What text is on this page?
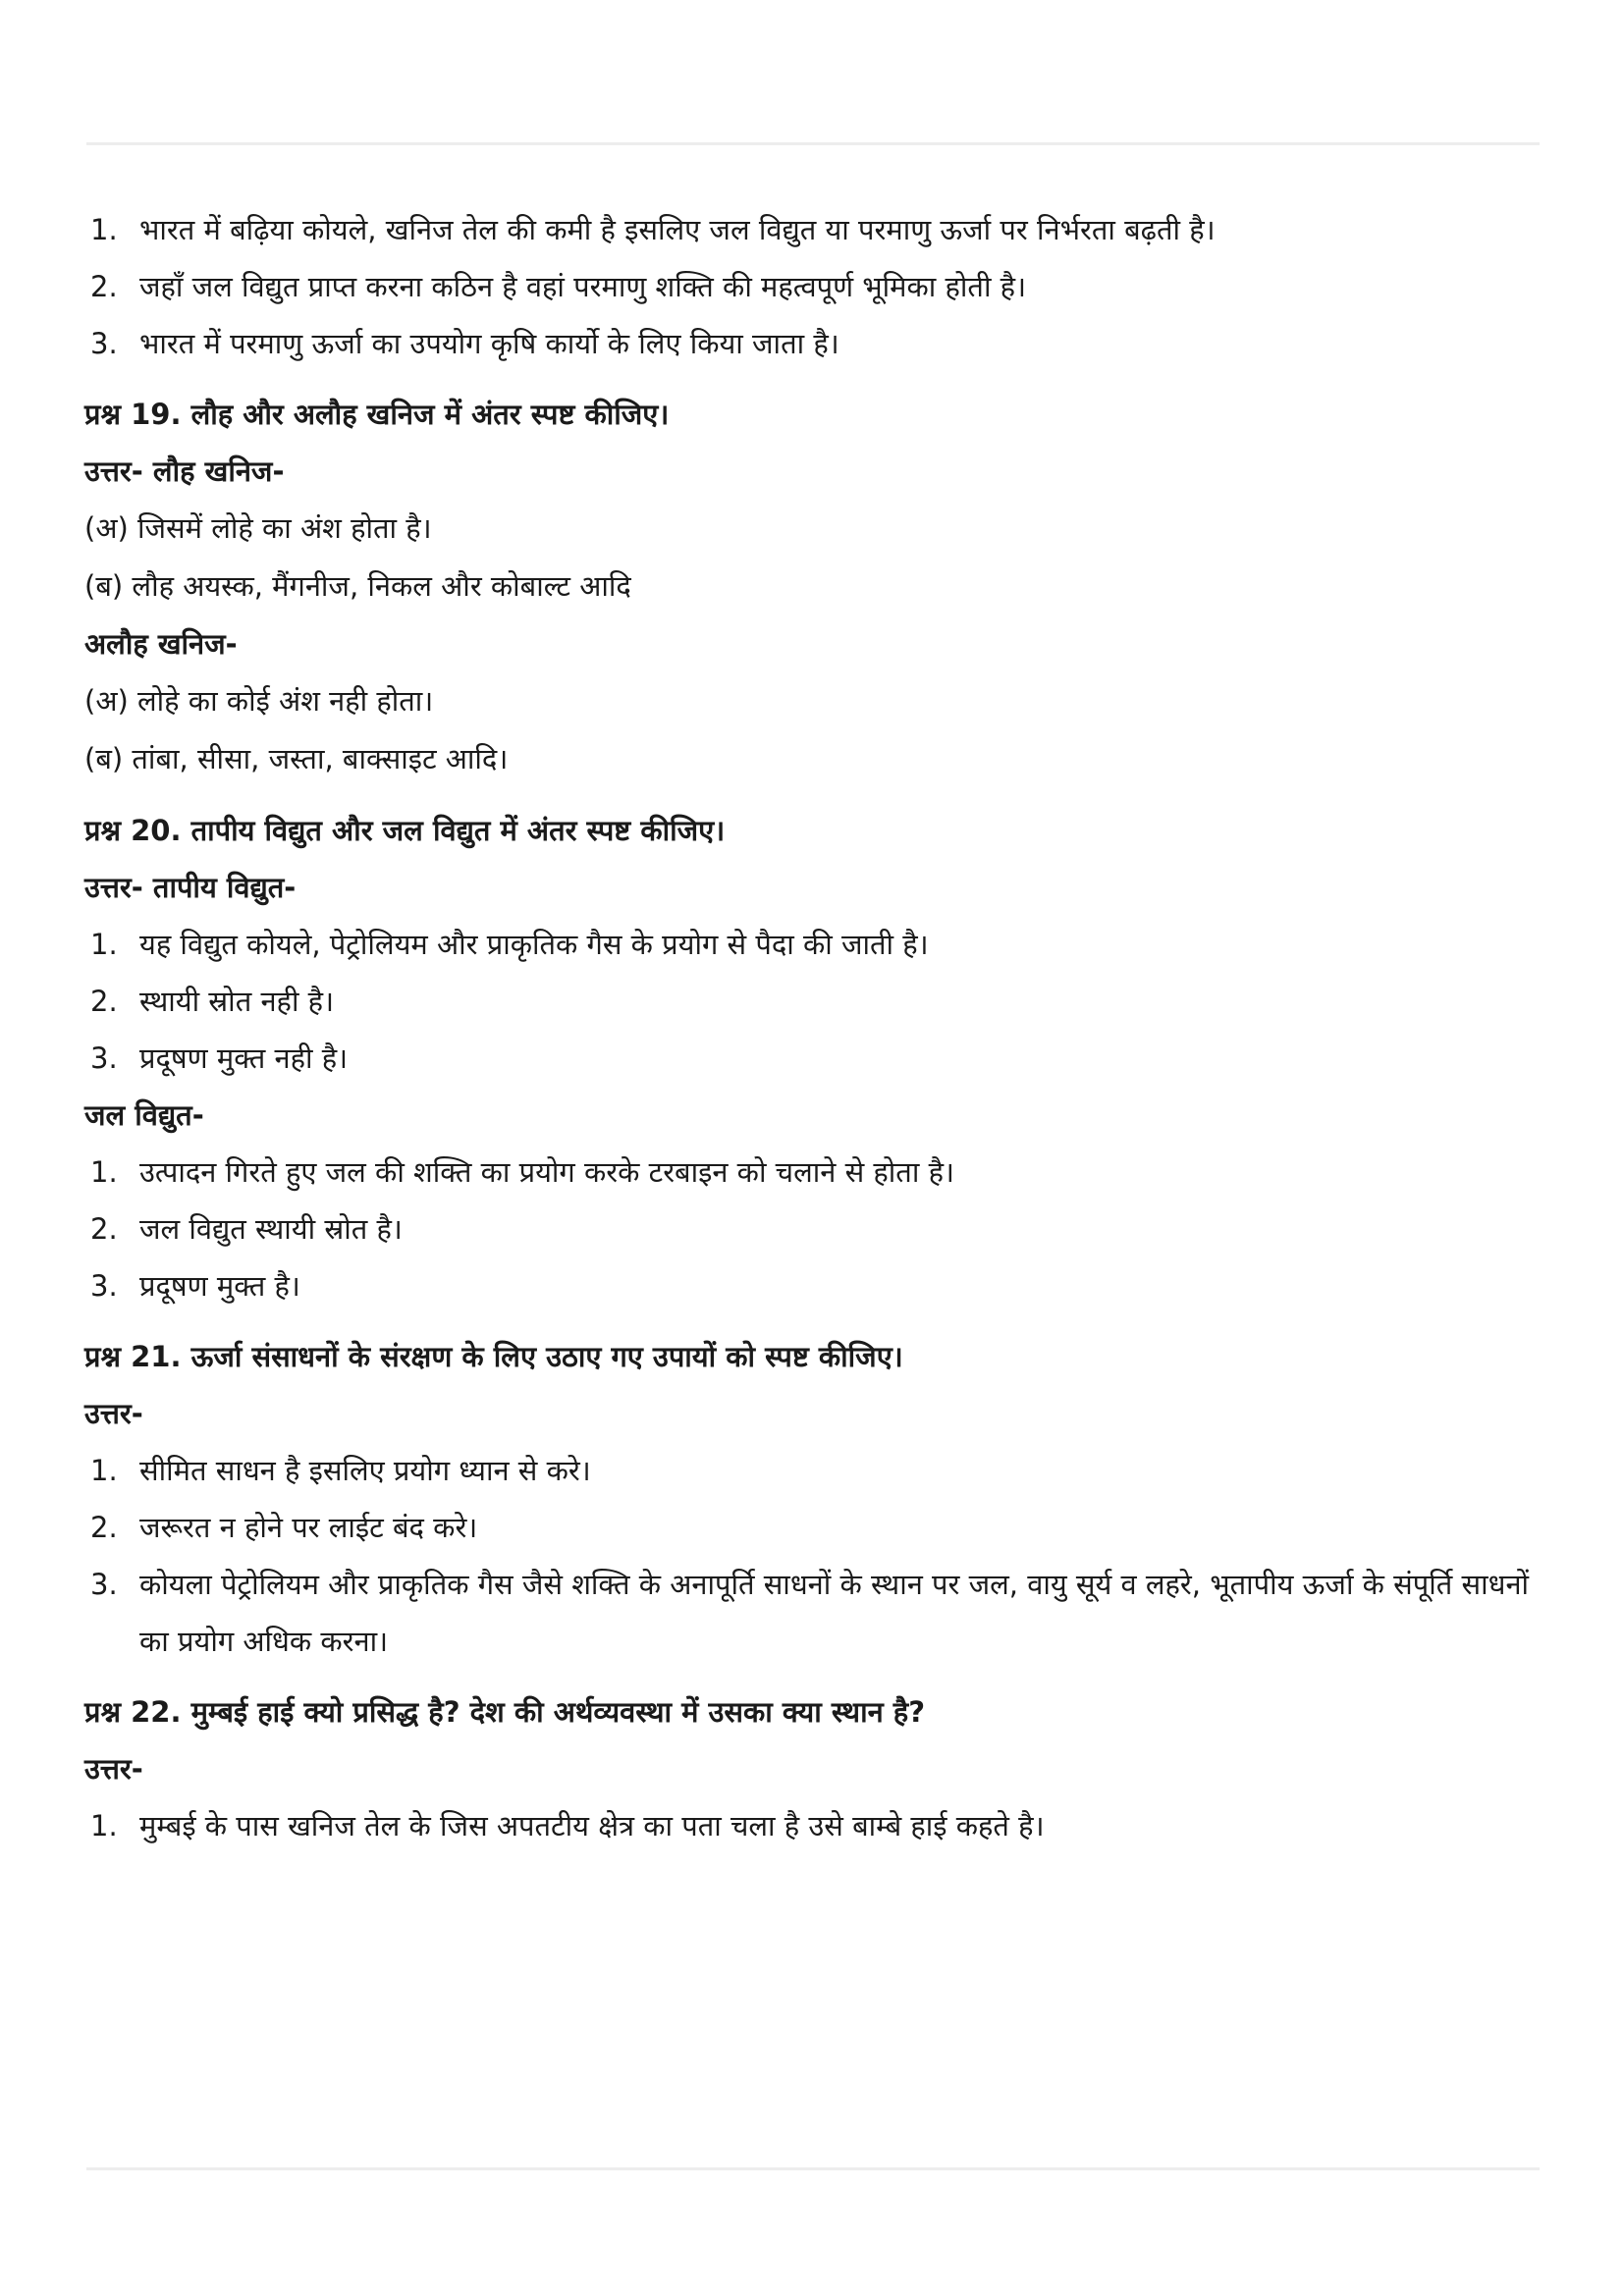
1. भारत में बढ़िया कोयले, खनिज तेल की कमी है इसलिए जल विद्युत या परमाणु ऊर्जा पर निर्भरता बढ़ती है।
2. जहाँ जल विद्युत प्राप्त करना कठिन है वहां परमाणु शक्ति की महत्वपूर्ण भूमिका होती है।
3. भारत में परमाणु ऊर्जा का उपयोग कृषि कार्यो के लिए किया जाता है।
प्रश्न 19. लौह और अलौह खनिज में अंतर स्पष्ट कीजिए।
उत्तर- लौह खनिज-
(अ) जिसमें लोहे का अंश होता है।
(ब) लौह अयस्क, मैंगनीज, निकल और कोबाल्ट आदि
अलौह खनिज-
(अ) लोहे का कोई अंश नही होता।
(ब) तांबा, सीसा, जस्ता, बाक्साइट आदि।
प्रश्न 20. तापीय विद्युत और जल विद्युत में अंतर स्पष्ट कीजिए।
उत्तर- तापीय विद्युत-
1. यह विद्युत कोयले, पेट्रोलियम और प्राकृतिक गैस के प्रयोग से पैदा की जाती है।
2. स्थायी स्रोत नही है।
3. प्रदूषण मुक्त नही है।
जल विद्युत-
1. उत्पादन गिरते हुए जल की शक्ति का प्रयोग करके टरबाइन को चलाने से होता है।
2. जल विद्युत स्थायी स्रोत है।
3. प्रदूषण मुक्त है।
प्रश्न 21. ऊर्जा संसाधनों के संरक्षण के लिए उठाए गए उपायों को स्पष्ट कीजिए।
उत्तर-
1. सीमित साधन है इसलिए प्रयोग ध्यान से करे।
2. जरूरत न होने पर लाईट बंद करे।
3. कोयला पेट्रोलियम और प्राकृतिक गैस जैसे शक्ति के अनापूर्ति साधनों के स्थान पर जल, वायु सूर्य व लहरे, भूतापीय ऊर्जा के संपूर्ति साधनों का प्रयोग अधिक करना।
प्रश्न 22. मुम्बई हाई क्यो प्रसिद्ध है? देश की अर्थव्यवस्था में उसका क्या स्थान है?
उत्तर-
1. मुम्बई के पास खनिज तेल के जिस अपतटीय क्षेत्र का पता चला है उसे बाम्बे हाई कहते है।
